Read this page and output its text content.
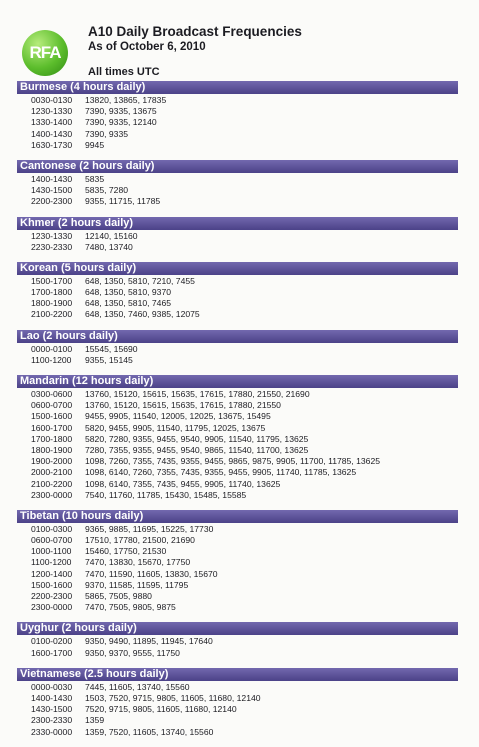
RFA
A10 Daily Broadcast Frequencies
As of October 6, 2010
All times UTC
Burmese (4 hours daily)
0030-0130	13820, 13865, 17835
1230-1330	7390, 9335, 13675
1330-1400	7390, 9335, 12140
1400-1430	7390, 9335
1630-1730	9945
Cantonese (2 hours daily)
1400-1430	5835
1430-1500	5835, 7280
2200-2300	9355, 11715, 11785
Khmer (2 hours daily)
1230-1330	12140, 15160
2230-2330	7480, 13740
Korean (5 hours daily)
1500-1700	648, 1350, 5810, 7210, 7455
1700-1800	648, 1350, 5810, 9370
1800-1900	648, 1350, 5810, 7465
2100-2200	648, 1350, 7460, 9385, 12075
Lao (2 hours daily)
0000-0100	15545, 15690
1100-1200	9355, 15145
Mandarin (12 hours daily)
0300-0600	13760, 15120, 15615, 15635, 17615, 17880, 21550, 21690
0600-0700	13760, 15120, 15615, 15635, 17615, 17880, 21550
1500-1600	9455, 9905, 11540, 12005, 12025, 13675, 15495
1600-1700	5820, 9455, 9905, 11540, 11795, 12025, 13675
1700-1800	5820, 7280, 9355, 9455, 9540, 9905, 11540, 11795, 13625
1800-1900	7280, 7355, 9355, 9455, 9540, 9865, 11540, 11700, 13625
1900-2000	1098, 7260, 7355, 7435, 9355, 9455, 9865, 9875, 9905, 11700, 11785, 13625
2000-2100	1098, 6140, 7260, 7355, 7435, 9355, 9455, 9905, 11740, 11785, 13625
2100-2200	1098, 6140, 7355, 7435, 9455, 9905, 11740, 13625
2300-0000	7540, 11760, 11785, 15430, 15485, 15585
Tibetan (10 hours daily)
0100-0300	9365, 9885, 11695, 15225, 17730
0600-0700	17510, 17780, 21500, 21690
1000-1100	15460, 17750, 21530
1100-1200	7470, 13830, 15670, 17750
1200-1400	7470, 11590, 11605, 13830, 15670
1500-1600	9370, 11585, 11595, 11795
2200-2300	5865, 7505, 9880
2300-0000	7470, 7505, 9805, 9875
Uyghur (2 hours daily)
0100-0200	9350, 9490, 11895, 11945, 17640
1600-1700	9350, 9370, 9555, 11750
Vietnamese (2.5 hours daily)
0000-0030	7445, 11605, 13740, 15560
1400-1430	1503, 7520, 9715, 9805, 11605, 11680, 12140
1430-1500	7520, 9715, 9805, 11605, 11680, 12140
2300-2330	1359
2330-0000	1359, 7520, 11605, 13740, 15560
